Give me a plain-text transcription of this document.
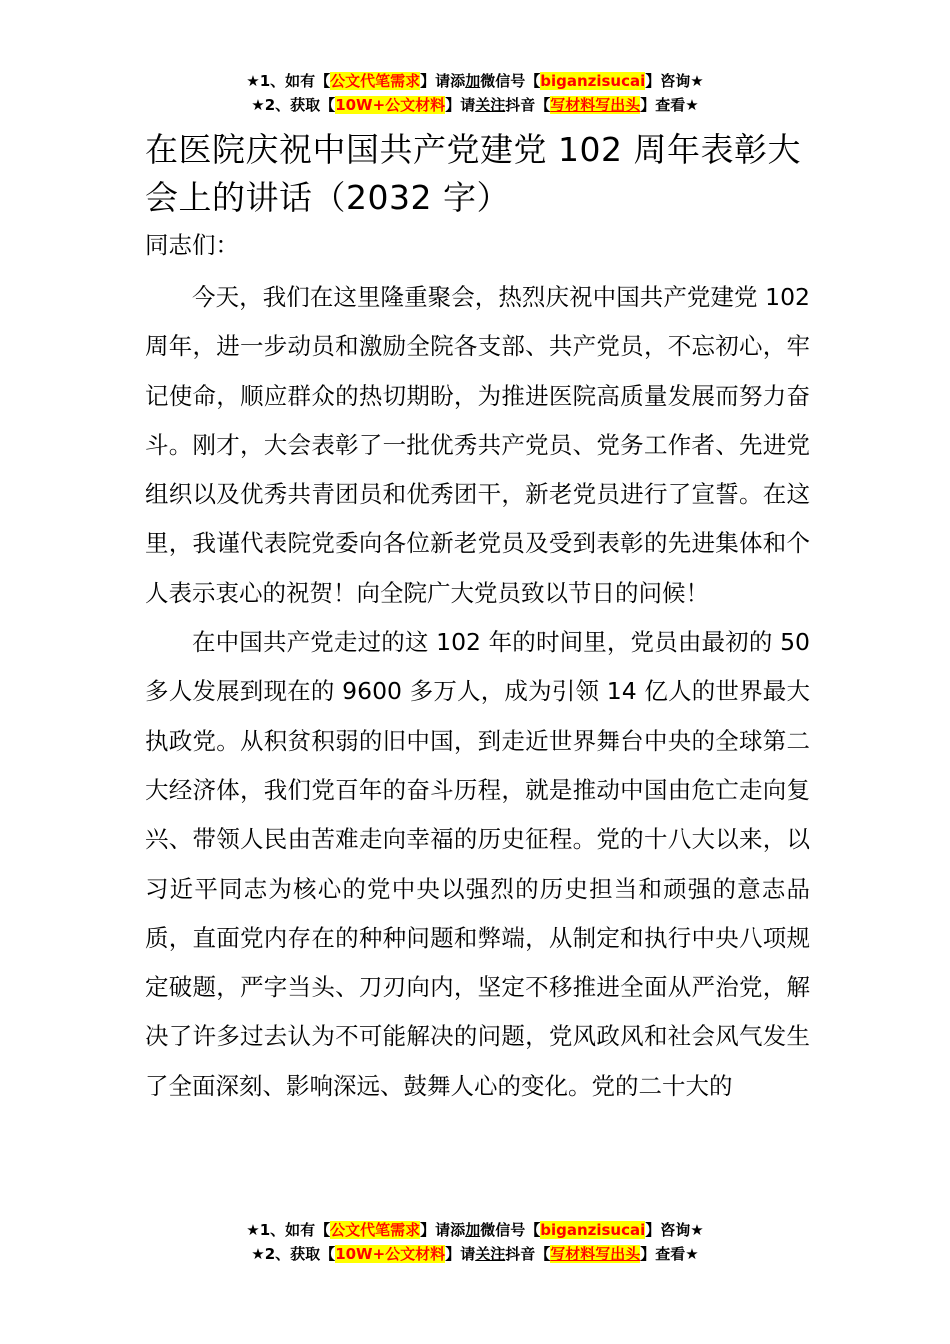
★1、如有【公文代笔需求】请添加微信号【biganzisucai】咨询★
★2、获取【10W+公文材料】请关注抖音【写材料写出头】查看★
在医院庆祝中国共产党建党 102 周年表彰大会上的讲话（2032 字）
同志们：

今天，我们在这里隆重聚会，热烈庆祝中国共产党建党 102 周年，进一步动员和激励全院各支部、共产党员，不忘初心，牢记使命，顺应群众的热切期盼，为推进医院高质量发展而努力奋斗。刚才，大会表彰了一批优秀共产党员、党务工作者、先进党组织以及优秀共青团员和优秀团干，新老党员进行了宣誓。在这里，我谨代表院党委向各位新老党员及受到表彰的先进集体和个人表示衷心的祝贺！向全院广大党员致以节日的问候！

在中国共产党走过的这 102 年的时间里，党员由最初的 50 多人发展到现在的 9600 多万人，成为引领 14 亿人的世界最大执政党。从积贫积弱的旧中国，到走近世界舞台中央的全球第二大经济体，我们党百年的奋斗历程，就是推动中国由危亡走向复兴、带领人民由苦难走向幸福的历史征程。党的十八大以来，以习近平同志为核心的党中央以强烈的历史担当和顽强的意志品质，直面党内存在的种种问题和弊端，从制定和执行中央八项规定破题，严字当头、刀刃向内，坚定不移推进全面从严治党，解决了许多过去认为不可能解决的问题，党风政风和社会风气发生了全面深刻、影响深远、鼓舞人心的变化。党的二十大的

★1、如有【公文代笔需求】请添加微信号【biganzisucai】咨询★
★2、获取【10W+公文材料】请关注抖音【写材料写出头】查看★
